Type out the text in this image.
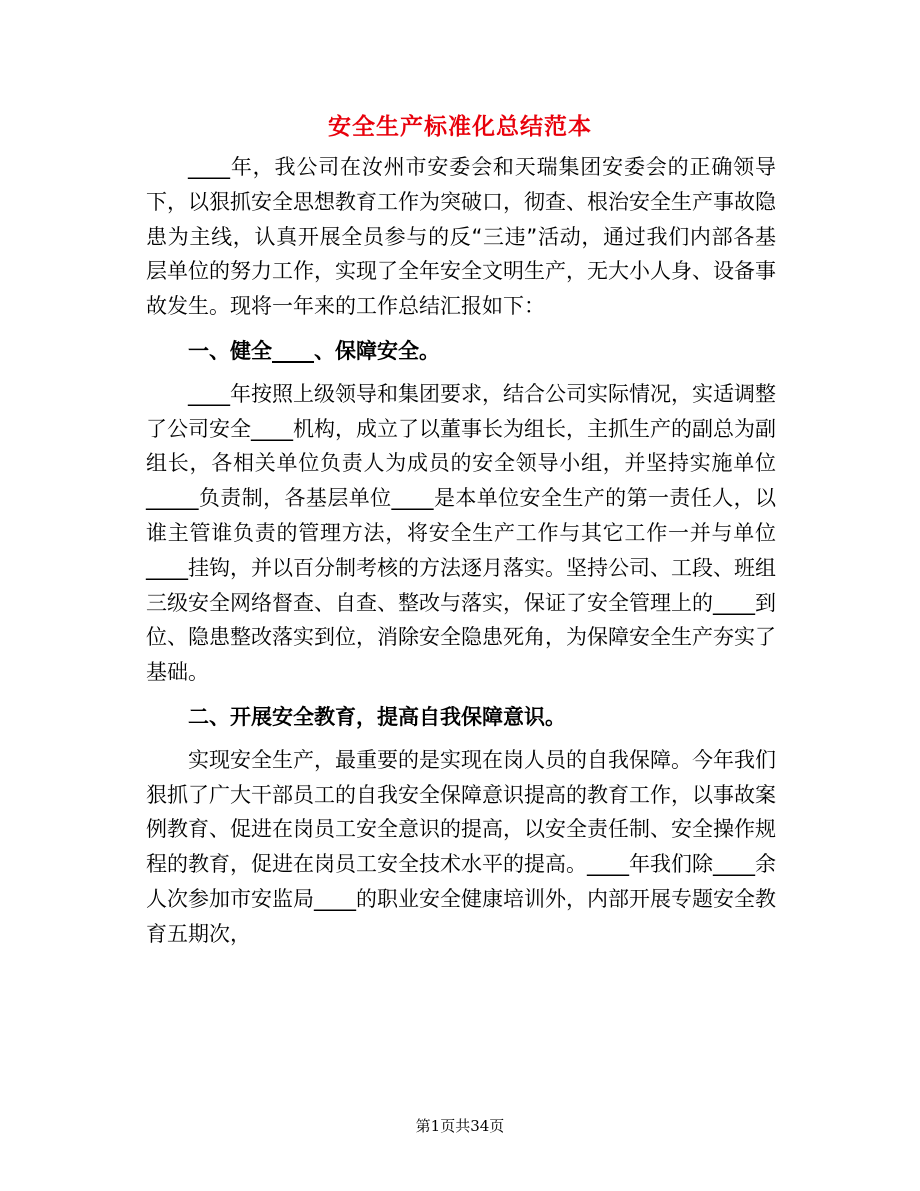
安全生产标准化总结范本

____年，我公司在汝州市安委会和天瑞集团安委会的正确领导下，以狠抓安全思想教育工作为突破口，彻查、根治安全生产事故隐患为主线，认真开展全员参与的反“三违”活动，通过我们内部各基层单位的努力工作，实现了全年安全文明生产，无大小人身、设备事故发生。现将一年来的工作总结汇报如下：

一、健全____、保障安全。

____年按照上级领导和集团要求，结合公司实际情况，实适调整了公司安全____机构，成立了以董事长为组长，主抓生产的副总为副组长，各相关单位负责人为成员的安全领导小组，并坚持实施单位_____负责制，各基层单位____是本单位安全生产的第一责任人，以谁主管谁负责的管理方法，将安全生产工作与其它工作一并与单位____挂钩，并以百分制考核的方法逐月落实。坚持公司、工段、班组三级安全网络督查、自查、整改与落实，保证了安全管理上的____到位、隐患整改落实到位，消除安全隐患死角，为保障安全生产夯实了基础。

二、开展安全教育，提高自我保障意识。

实现安全生产，最重要的是实现在岗人员的自我保障。今年我们狠抓了广大干部员工的自我安全保障意识提高的教育工作，以事故案例教育、促进在岗员工安全意识的提高，以安全责任制、安全操作规程的教育，促进在岗员工安全技术水平的提高。____年我们除____余人次参加市安监局____的职业安全健康培训外，内部开展专题安全教育五期次，

第1页共34页
